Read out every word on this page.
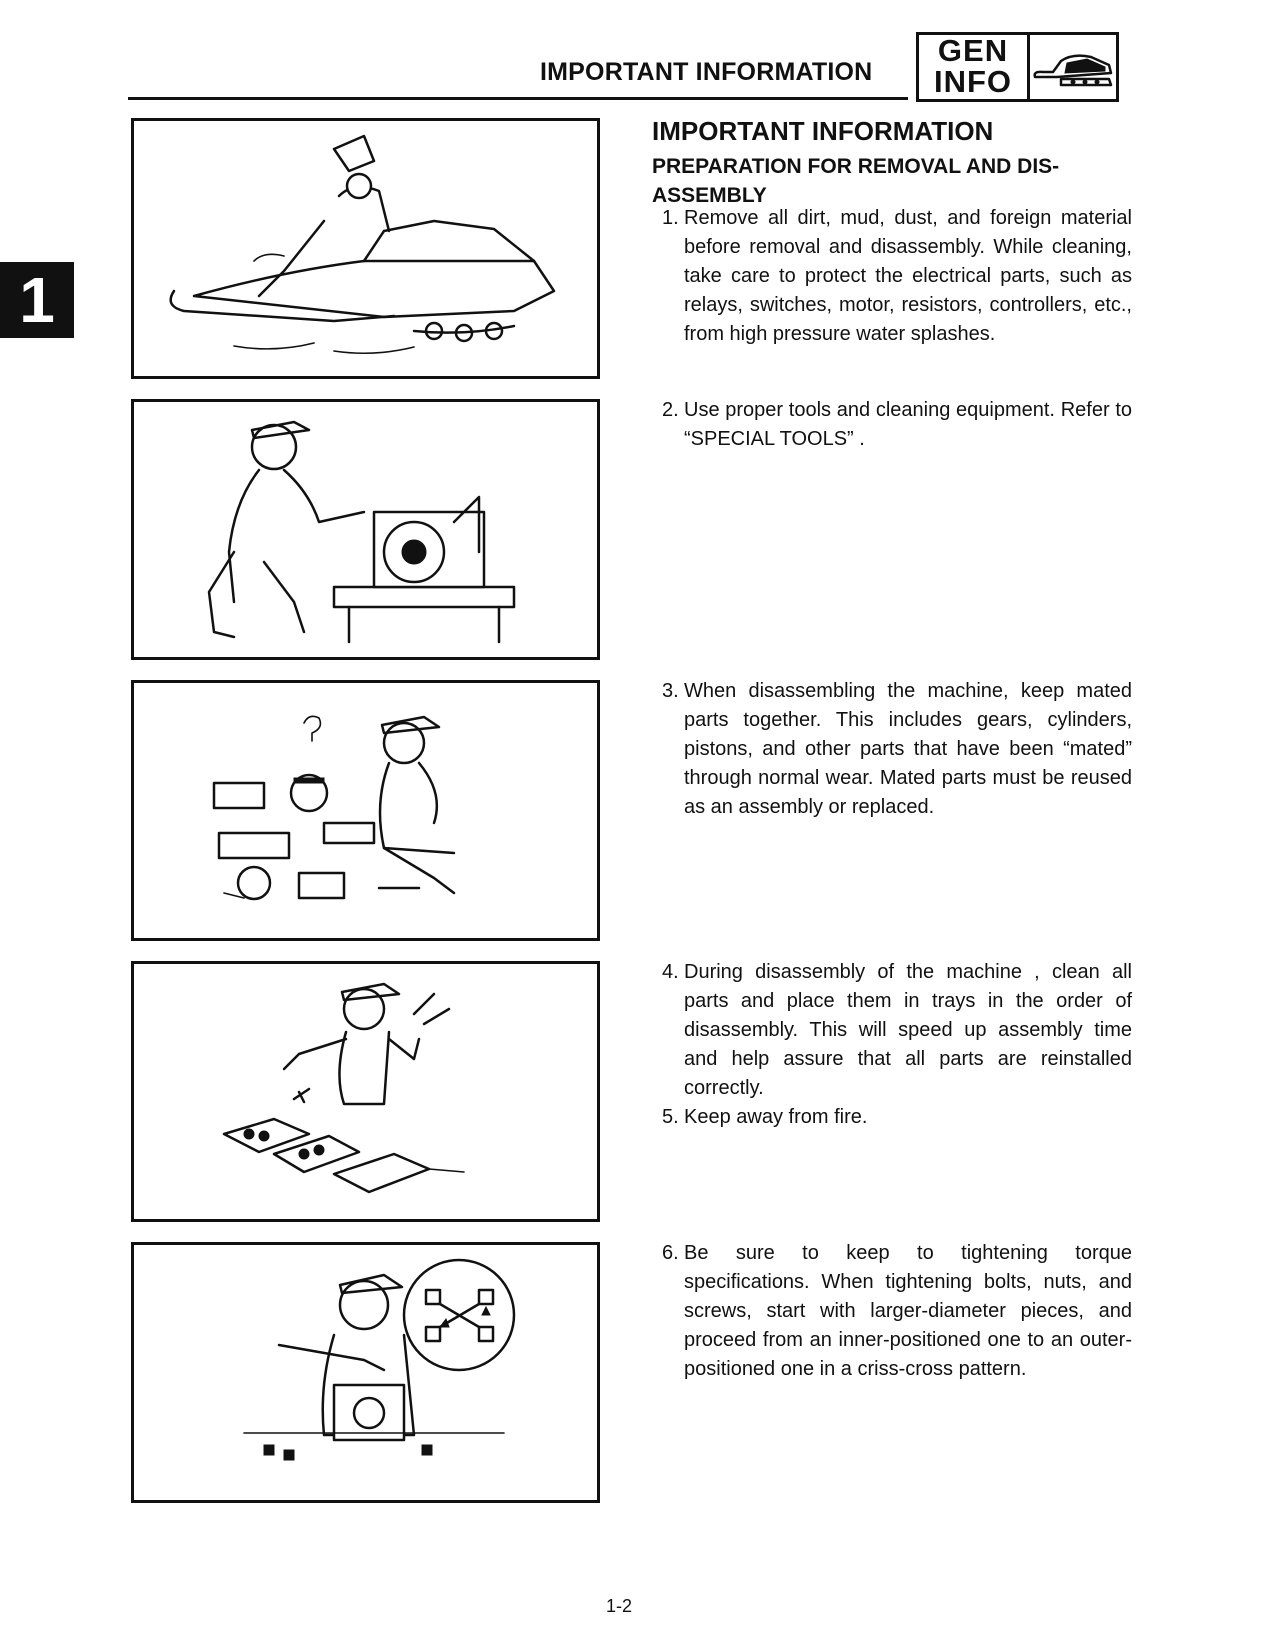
IMPORTANT INFORMATION
GEN
INFO
1
IMPORTANT INFORMATION
PREPARATION FOR REMOVAL AND DIS-ASSEMBLY
1. Remove all dirt, mud, dust, and foreign material before removal and disassembly. While cleaning, take care to protect the electrical parts, such as relays, switches, motor, resistors, controllers, etc., from high pressure water splashes.
2. Use proper tools and cleaning equipment. Refer to “SPECIAL TOOLS” .
3. When disassembling the machine, keep mated parts together. This includes gears, cylinders, pistons, and other parts that have been “mated” through normal wear. Mated parts must be reused as an assembly or replaced.
4. During disassembly of the machine , clean all parts and place them in trays in the order of disassembly. This will speed up assembly time and help assure that all parts are reinstalled correctly.
5. Keep away from fire.
6. Be sure to keep to tightening torque specifications. When tightening bolts, nuts, and screws, start with larger-diameter pieces, and proceed from an inner-positioned one to an outer-positioned one in a criss-cross pattern.
1-2
